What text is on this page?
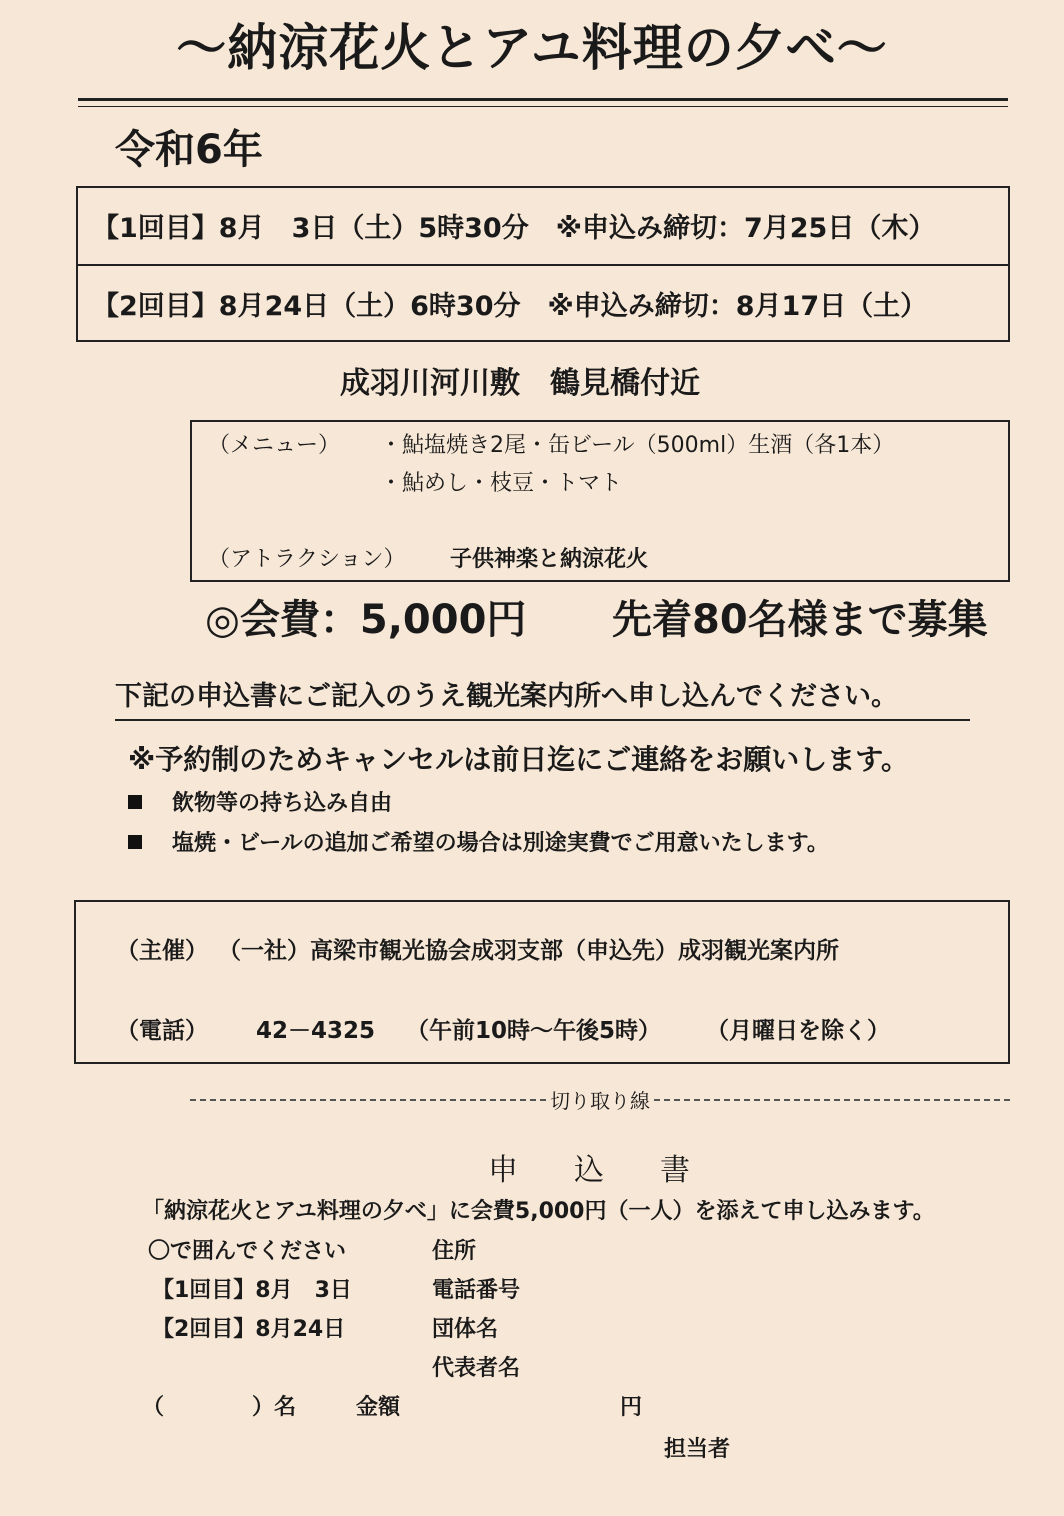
〜納涼花火とアユ料理の夕べ〜
令和6年
【1回目】8月　3日（土）5時30分　※申込み締切：7月25日（木）
【2回目】8月24日（土）6時30分　※申込み締切：8月17日（土）
成羽川河川敷　鶴見橋付近
（メニュー） ・鮎塩焼き2尾・缶ビール（500ml）生酒（各1本）
・鮎めし・枝豆・トマト
（アトラクション） 子供神楽と納涼花火
◎会費：5,000円 先着80名様まで募集
下記の申込書にご記入のうえ観光案内所へ申し込んでください。
※予約制のためキャンセルは前日迄にご連絡をお願いします。
飲物等の持ち込み自由
塩焼・ビールの追加ご希望の場合は別途実費でご用意いたします。
（主催） （一社）高梁市観光協会成羽支部（申込先）成羽観光案内所
（電話） 42－4325 （午前10時〜午後5時） （月曜日を除く）
切り取り線
申込書
「納涼花火とアユ料理の夕べ」に会費5,000円（一人）を添えて申し込みます。
〇で囲んでください	住所
【1回目】8月　3日	電話番号
【2回目】8月24日	団体名
代表者名
（	）名	金額	円
担当者
